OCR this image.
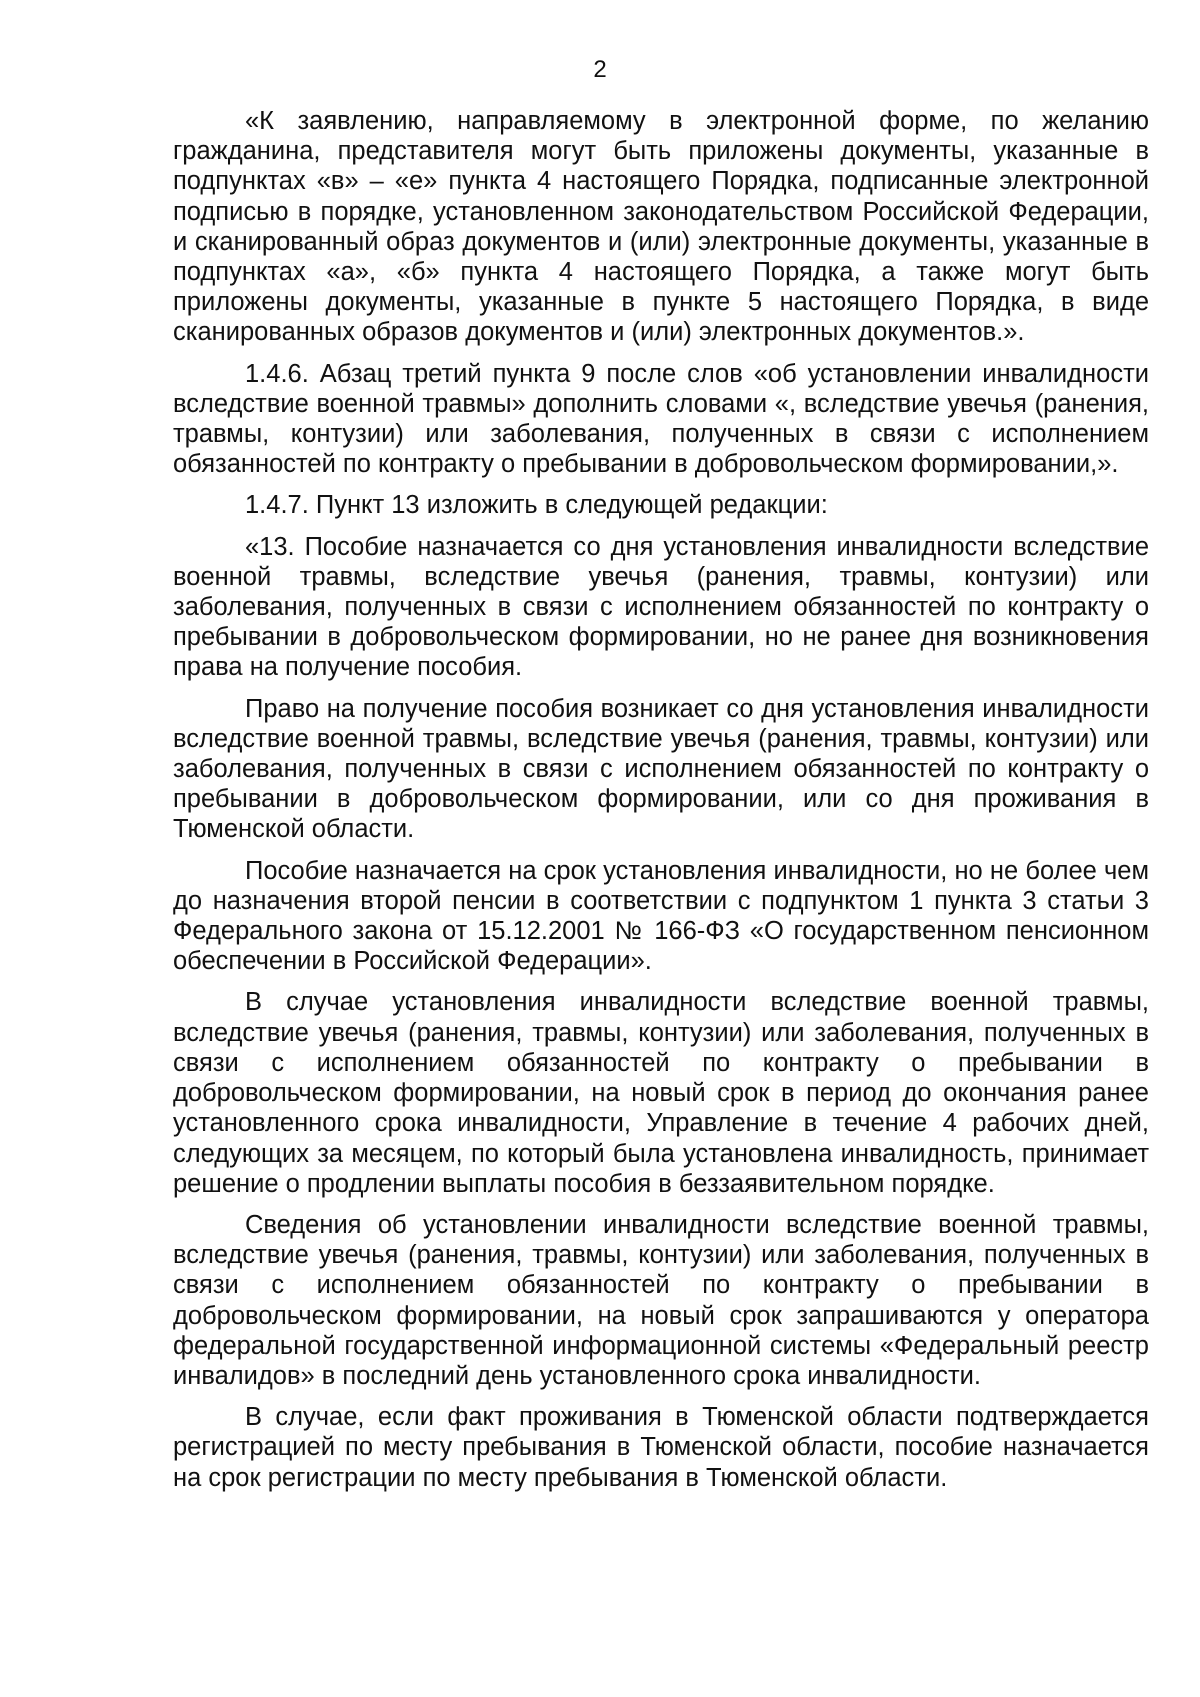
2

«К заявлению, направляемому в электронной форме, по желанию гражданина, представителя могут быть приложены документы, указанные в подпунктах «в» – «е» пункта 4 настоящего Порядка, подписанные электронной подписью в порядке, установленном законодательством Российской Федерации, и сканированный образ документов и (или) электронные документы, указанные в подпунктах «а», «б» пункта 4 настоящего Порядка, а также могут быть приложены документы, указанные в пункте 5 настоящего Порядка, в виде сканированных образов документов и (или) электронных документов.».

1.4.6. Абзац третий пункта 9 после слов «об установлении инвалидности вследствие военной травмы» дополнить словами «, вследствие увечья (ранения, травмы, контузии) или заболевания, полученных в связи с исполнением обязанностей по контракту о пребывании в добровольческом формировании,».

1.4.7. Пункт 13 изложить в следующей редакции:

«13. Пособие назначается со дня установления инвалидности вследствие военной травмы, вследствие увечья (ранения, травмы, контузии) или заболевания, полученных в связи с исполнением обязанностей по контракту о пребывании в добровольческом формировании, но не ранее дня возникновения права на получение пособия.

Право на получение пособия возникает со дня установления инвалидности вследствие военной травмы, вследствие увечья (ранения, травмы, контузии) или заболевания, полученных в связи с исполнением обязанностей по контракту о пребывании в добровольческом формировании, или со дня проживания в Тюменской области.

Пособие назначается на срок установления инвалидности, но не более чем до назначения второй пенсии в соответствии с подпунктом 1 пункта 3 статьи 3 Федерального закона от 15.12.2001 № 166-ФЗ «О государственном пенсионном обеспечении в Российской Федерации».

В случае установления инвалидности вследствие военной травмы, вследствие увечья (ранения, травмы, контузии) или заболевания, полученных в связи с исполнением обязанностей по контракту о пребывании в добровольческом формировании, на новый срок в период до окончания ранее установленного срока инвалидности, Управление в течение 4 рабочих дней, следующих за месяцем, по который была установлена инвалидность, принимает решение о продлении выплаты пособия в беззаявительном порядке.

Сведения об установлении инвалидности вследствие военной травмы, вследствие увечья (ранения, травмы, контузии) или заболевания, полученных в связи с исполнением обязанностей по контракту о пребывании в добровольческом формировании, на новый срок запрашиваются у оператора федеральной государственной информационной системы «Федеральный реестр инвалидов» в последний день установленного срока инвалидности.

В случае, если факт проживания в Тюменской области подтверждается регистрацией по месту пребывания в Тюменской области, пособие назначается на срок регистрации по месту пребывания в Тюменской области.
